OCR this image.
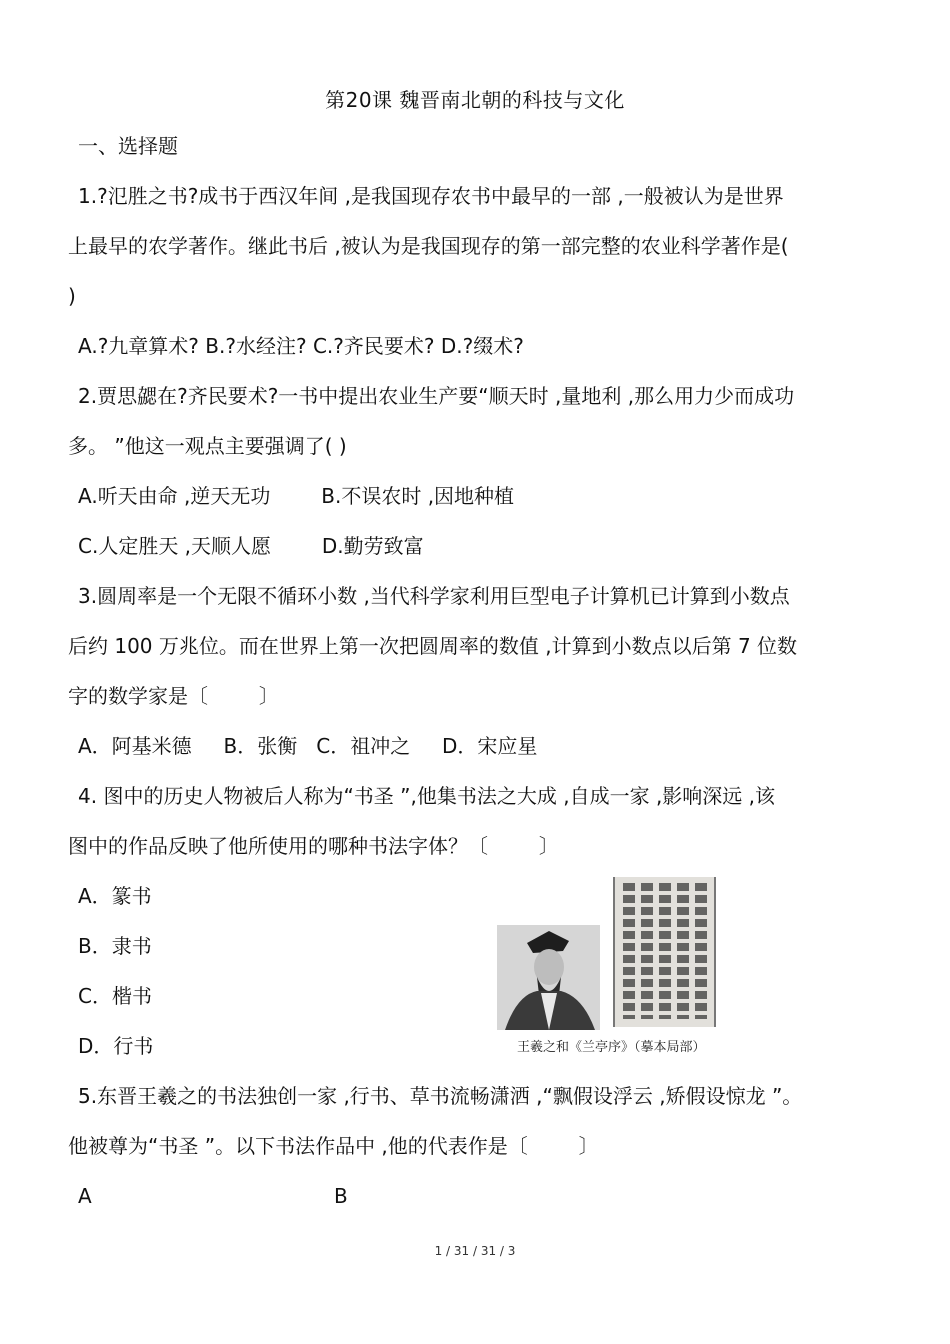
第20课 魏晋南北朝的科技与文化
一、选择题
1.?氾胜之书?成书于西汉年间 ,是我国现存农书中最早的一部 ,一般被认为是世界
上最早的农学著作。继此书后 ,被认为是我国现存的第一部完整的农业科学著作是(
)
A.?九章算术? B.?水经注? C.?齐民要术? D.?缀术?
2.贾思勰在?齐民要术?一书中提出农业生产要“顺天时 ,量地利 ,那么用力少而成功
多。 ”他这一观点主要强调了( )
A.听天由命 ,逆天无功        B.不误农时 ,因地种植
C.人定胜天 ,天顺人愿        D.勤劳致富
3.圆周率是一个无限不循环小数 ,当代科学家利用巨型电子计算机已计算到小数点
后约 100 万兆位。而在世界上第一次把圆周率的数值 ,计算到小数点以后第 7 位数
字的数学家是〔        〕
A．阿基米德     B．张衡   C．祖冲之     D．宋应星
4. 图中的历史人物被后人称为“书圣 ”,他集书法之大成 ,自成一家 ,影响深远 ,该
图中的作品反映了他所使用的哪种书法字体？〔        〕
A．篆书
B．隶书
C．楷书
D．行书
5.东晋王羲之的书法独创一家 ,行书、草书流畅潇洒 ,“飘假设浮云 ,矫假设惊龙 ”。
他被尊为“书圣 ”。以下书法作品中 ,他的代表作是〔        〕
A	B
王羲之和《兰亭序》（摹本局部）
1 / 31 / 31 / 3
